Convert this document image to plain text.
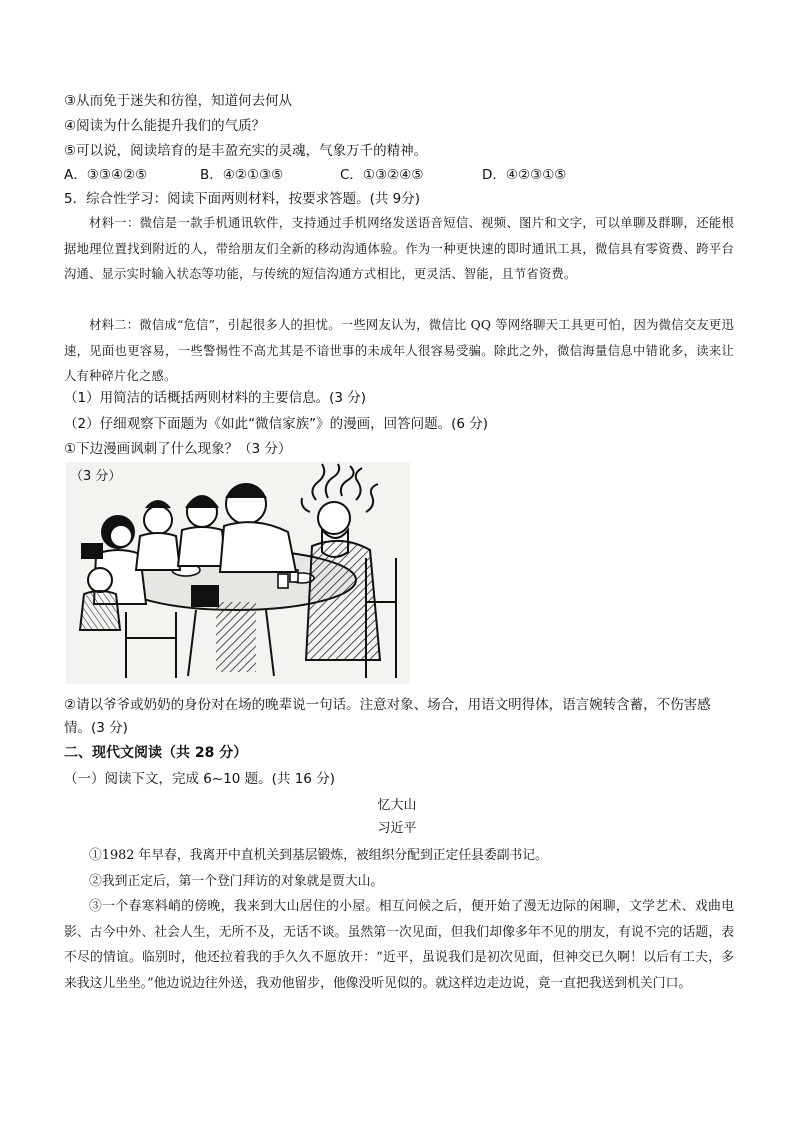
③从而免于迷失和彷徨，知道何去何从
④阅读为什么能提升我们的气质？
⑤可以说，阅读培育的是丰盈充实的灵魂，气象万千的精神。
A．③③④②⑤	B．④②①③⑤	C．①③②④⑤	D．④②③①⑤
5．综合性学习：阅读下面两则材料，按要求答题。(共 9分)

材料一：微信是一款手机通讯软件，支持通过手机网络发送语音短信、视频、图片和文字，可以单聊及群聊，还能根据地理位置找到附近的人，带给朋友们全新的移动沟通体验。作为一种更快速的即时通讯工具，微信具有零资费、跨平台沟通、显示实时输入状态等功能，与传统的短信沟通方式相比，更灵活、智能，且节省资费。

材料二：微信成“危信”，引起很多人的担忧。一些网友认为，微信比 QQ 等网络聊天工具更可怕，因为微信交友更迅速，见面也更容易，一些警惕性不高尤其是不谙世事的未成年人很容易受骗。除此之外，微信海量信息中错讹多，读来让人有种碎片化之感。

（1）用简洁的话概括两则材料的主要信息。(3 分)
（2）仔细观察下面题为《如此“微信家族”》的漫画，回答问题。(6 分)
①下边漫画讽刺了什么现象？（3 分）
（3 分）
②请以爷爷或奶奶的身份对在场的晚辈说一句话。注意对象、场合，用语文明得体，语言婉转含蓄，不伤害感情。(3 分)
二、现代文阅读（共 28 分）
（一）阅读下文，完成 6~10 题。(共 16 分)
忆大山
习近平

①1982 年早春，我离开中直机关到基层锻炼，被组织分配到正定任县委副书记。

②我到正定后，第一个登门拜访的对象就是贾大山。

③一个春寒料峭的傍晚，我来到大山居住的小屋。相互问候之后，便开始了漫无边际的闲聊，文学艺术、戏曲电影、古今中外、社会人生，无所不及，无话不谈。虽然第一次见面，但我们却像多年不见的朋友，有说不完的话题，表不尽的情谊。临别时，他还拉着我的手久久不愿放开：“近平，虽说我们是初次见面，但神交已久啊！以后有工夫，多来我这儿坐坐。”他边说边往外送，我劝他留步，他像没听见似的。就这样边走边说，竟一直把我送到机关门口。
